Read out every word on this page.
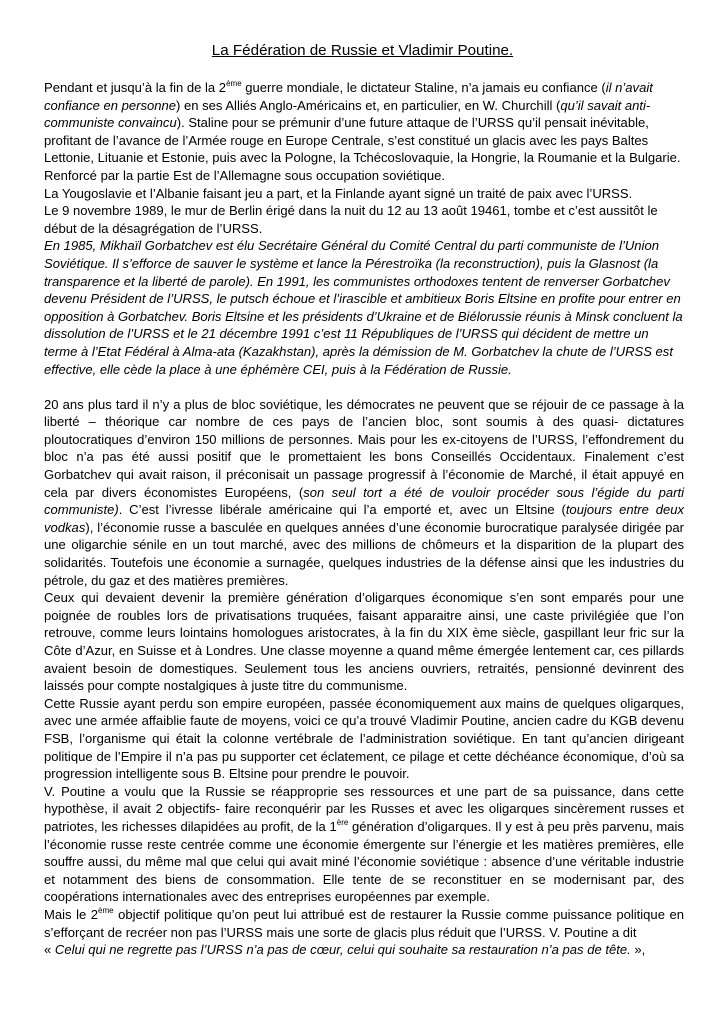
La Fédération de Russie et Vladimir Poutine.

Pendant et jusqu’à la fin de la 2ème guerre mondiale, le dictateur Staline, n’a jamais eu confiance (il n’avait confiance en personne) en ses Alliés Anglo-Américains et, en particulier, en W. Churchill (qu’il savait anti-communiste convaincu). Staline pour se prémunir d’une future attaque de l’URSS qu’il pensait inévitable, profitant de l’avance de l’Armée rouge en Europe Centrale, s’est constitué un glacis avec les pays Baltes Lettonie, Lituanie et Estonie, puis avec la Pologne, la Tchécoslovaquie, la Hongrie, la Roumanie et la Bulgarie. Renforcé par la partie Est de l’Allemagne sous occupation soviétique.

La Yougoslavie et l’Albanie faisant jeu a part, et la Finlande ayant signé un traité de paix avec l’URSS.

Le 9 novembre 1989, le mur de Berlin érigé dans la nuit du 12 au 13 août 19461, tombe et c’est aussitôt le début de la désagrégation de l’URSS.

En 1985, Mikhaïl Gorbatchev est élu Secrétaire Général du Comité Central du parti communiste de l’Union Soviétique. Il s’efforce de sauver le système et lance la Pérestroïka (la reconstruction), puis la Glasnost (la transparence et la liberté de parole). En 1991, les communistes orthodoxes tentent de renverser Gorbatchev devenu Président de l’URSS, le putsch échoue et l’irascible et ambitieux Boris Eltsine en profite pour entrer en opposition à Gorbatchev. Boris Eltsine et les présidents d’Ukraine et de Biélorussie réunis à Minsk concluent la dissolution de l’URSS et le 21 décembre 1991 c’est 11 Républiques de l’URSS qui décident de mettre un terme à l’Etat Fédéral à Alma-ata (Kazakhstan), après la démission de M. Gorbatchev la chute de l’URSS est effective, elle cède la place à une éphémère CEI, puis à la Fédération de Russie.

20 ans plus tard il n’y a plus de bloc soviétique, les démocrates ne peuvent que se réjouir de ce passage à la liberté – théorique car nombre de ces pays de l’ancien bloc, sont soumis à des quasi- dictatures ploutocratiques d’environ 150 millions de personnes. Mais pour les ex-citoyens de l’URSS, l’effondrement du bloc n’a pas été aussi positif que le promettaient les bons Conseillés Occidentaux. Finalement c’est Gorbatchev qui avait raison, il préconisait un passage progressif à l’économie de Marché, il était appuyé en cela par divers économistes Européens, (son seul tort a été de vouloir procéder sous l’égide du parti communiste). C’est l’ivresse libérale américaine qui l’a emporté et, avec un Eltsine (toujours entre deux vodkas), l’économie russe a basculée en quelques années d’une économie burocratique paralysée dirigée par une oligarchie sénile en un tout marché, avec des millions de chômeurs et la disparition de la plupart des solidarités. Toutefois une économie a surnagée, quelques industries de la défense ainsi que les industries du pétrole, du gaz et des matières premières.

Ceux qui devaient devenir la première génération d’oligarques économique s’en sont emparés pour une poignée de roubles lors de privatisations truquées, faisant apparaitre ainsi, une caste privilégiée que l’on retrouve, comme leurs lointains homologues aristocrates, à la fin du XIX ème siècle, gaspillant leur fric sur la Côte d’Azur, en Suisse et à Londres. Une classe moyenne a quand même émergée lentement car, ces pillards avaient besoin de domestiques. Seulement tous les anciens ouvriers, retraités, pensionné devinrent des laissés pour compte nostalgiques à juste titre du communisme.

Cette Russie ayant perdu son empire européen, passée économiquement aux mains de quelques oligarques, avec une armée affaiblie faute de moyens, voici ce qu’a trouvé Vladimir Poutine, ancien cadre du KGB devenu FSB, l’organisme qui était la colonne vertébrale de l’administration soviétique. En tant qu’ancien dirigeant politique de l’Empire il n’a pas pu supporter cet éclatement, ce pilage et cette déchéance économique, d’où sa progression intelligente sous B. Eltsine pour prendre le pouvoir.

V. Poutine a voulu que la Russie se réapproprie ses ressources et une part de sa puissance, dans cette hypothèse, il avait 2 objectifs- faire reconquérir par les Russes et avec les oligarques sincèrement russes et patriotes, les richesses dilapidées au profit, de la 1ère génération d’oligarques. Il y est à peu près parvenu, mais l’économie russe reste centrée comme une économie émergente sur l’énergie et les matières premières, elle souffre aussi, du même mal que celui qui avait miné l’économie soviétique : absence d’une véritable industrie et notamment des biens de consommation. Elle tente de se reconstituer en se modernisant par, des coopérations internationales avec des entreprises européennes par exemple.

Mais le 2ème objectif politique qu’on peut lui attribué est de restaurer la Russie comme puissance politique en s’efforçant de recréer non pas l’URSS mais une sorte de glacis plus réduit que l’URSS. V. Poutine a dit
« Celui qui ne regrette pas l’URSS n’a pas de cœur, celui qui souhaite sa restauration n’a pas de tête. »,
